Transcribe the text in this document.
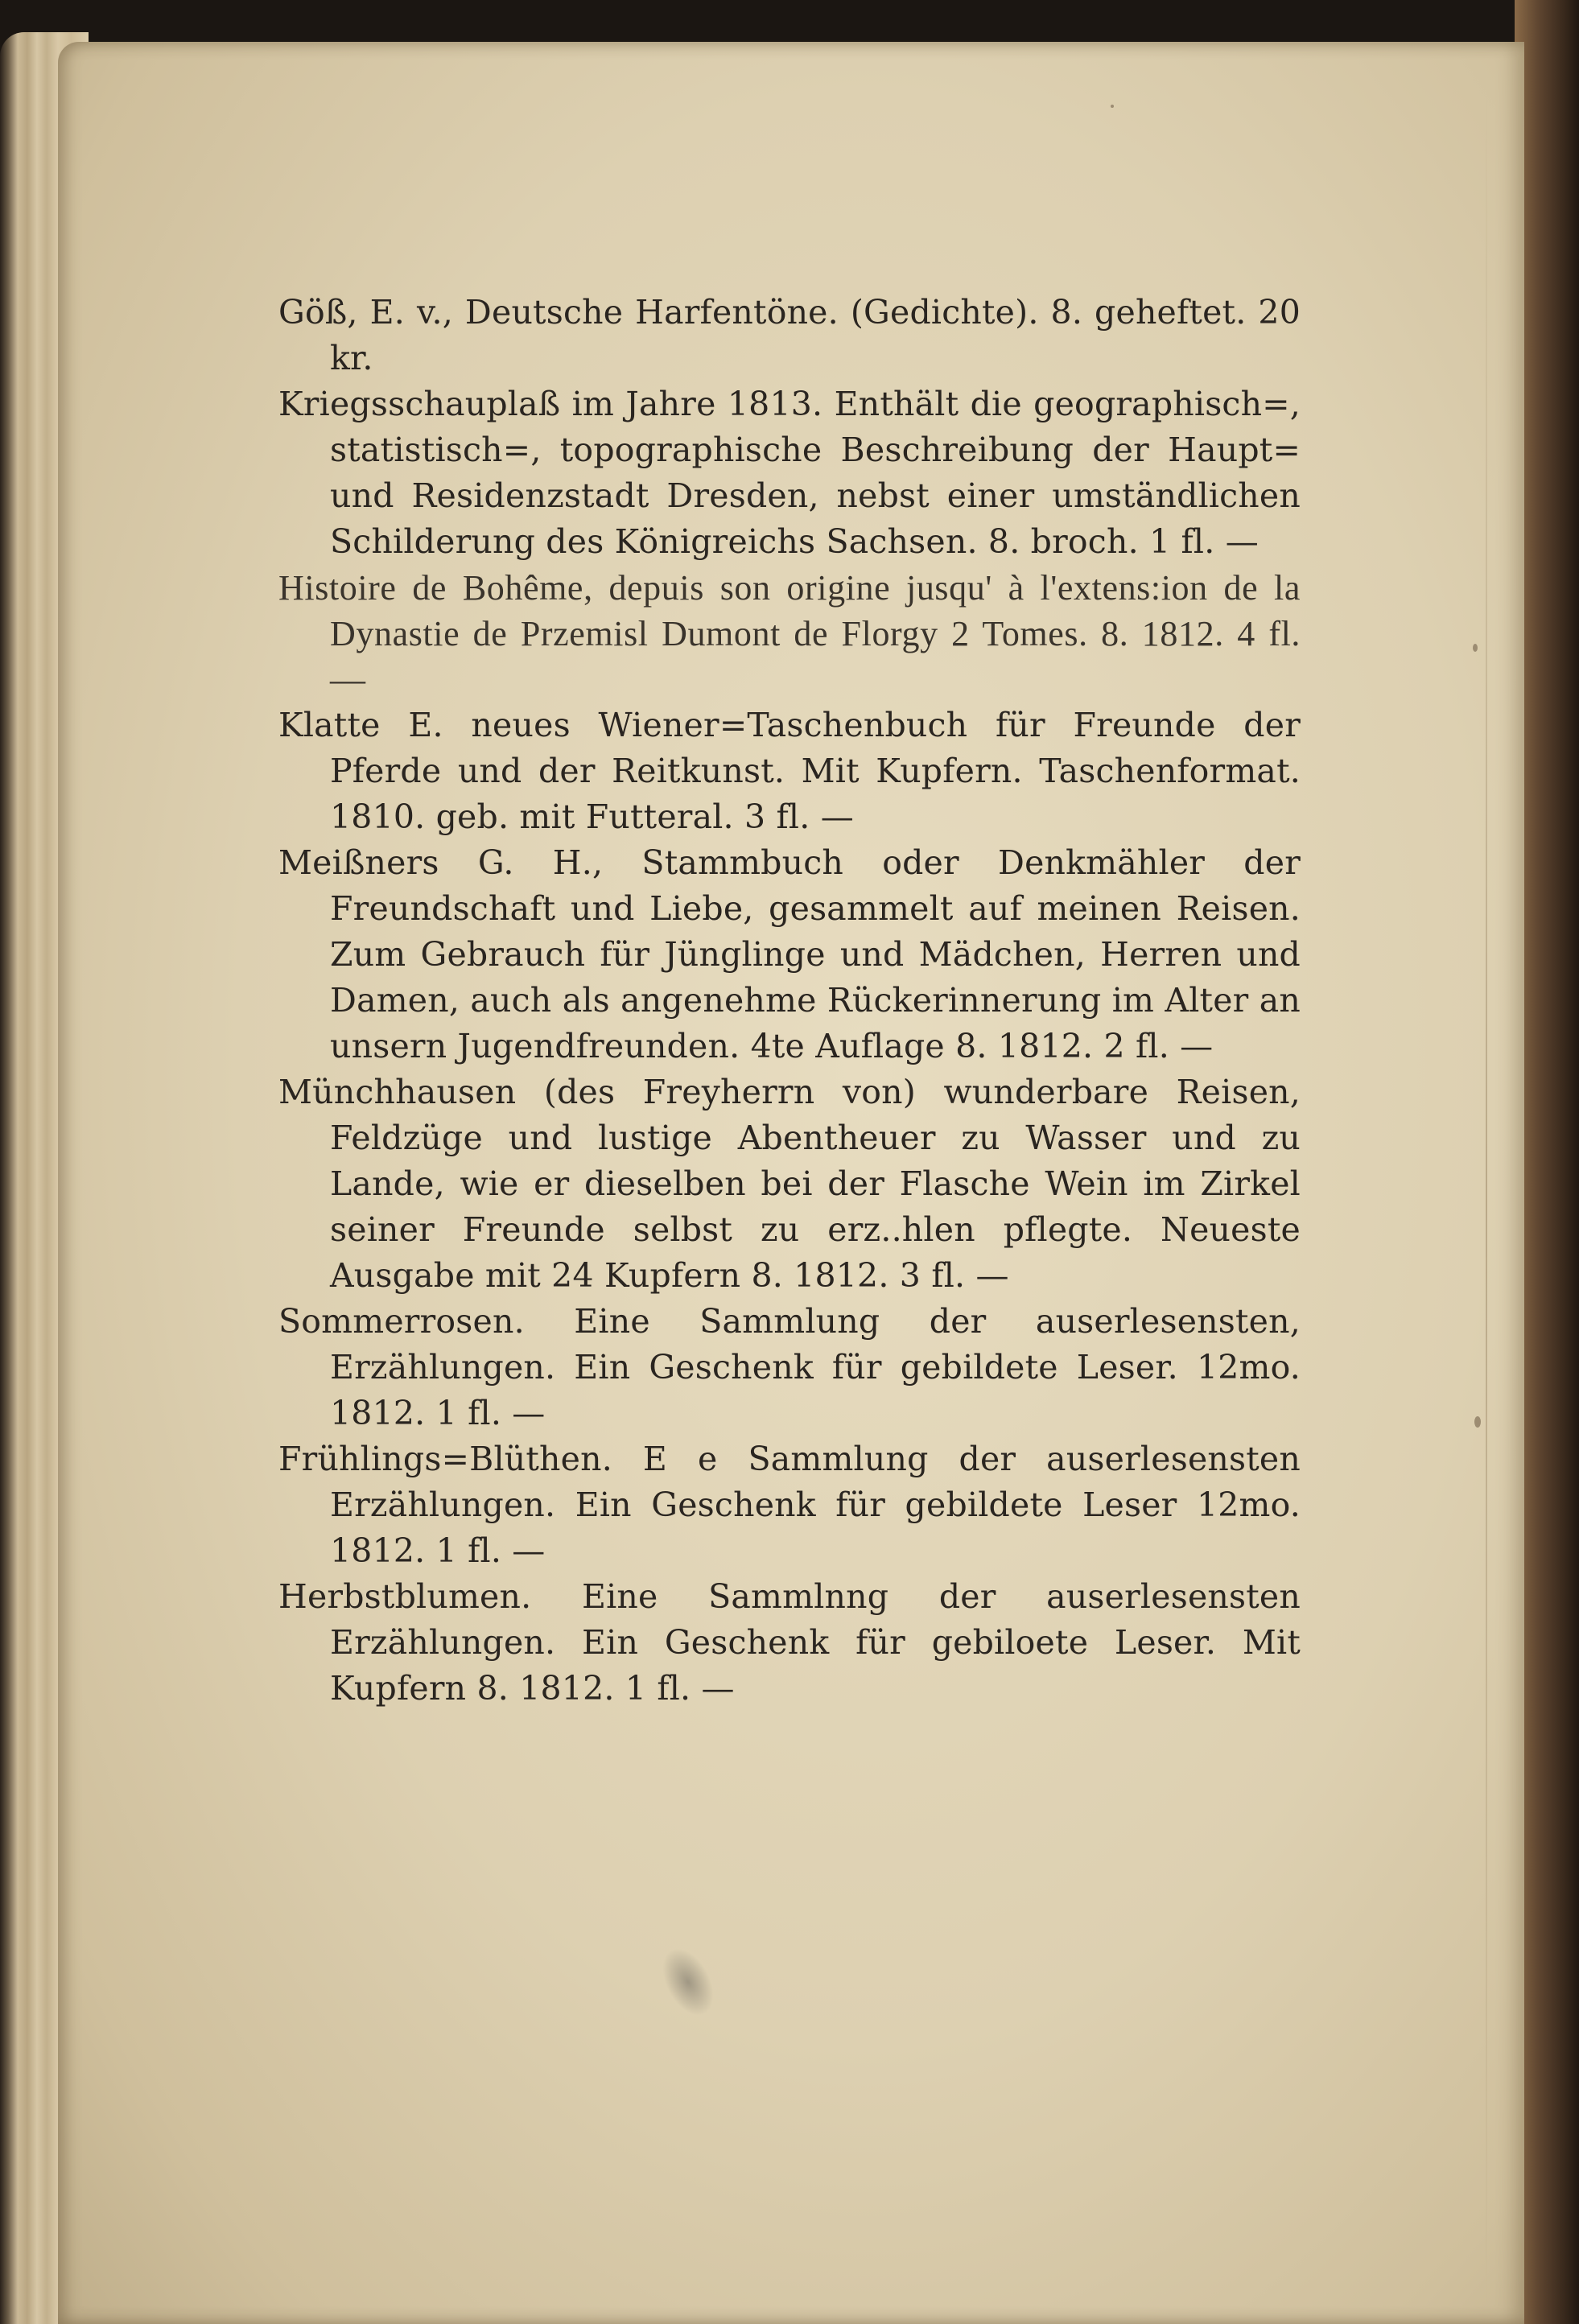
Göß, E. v., Deutsche Harfentöne. (Gedichte). 8. geheftet. 20 kr.
Kriegsschauplaß im Jahre 1813. Enthält die geographisch=, statistisch=, topographische Beschreibung der Haupt= und Residenzstadt Dresden, nebst einer umständlichen Schilderung des Königreichs Sachsen. 8. broch. 1 fl. —
Histoire de Bohême, depuis son origine jusqu' à l'extens:ion de la Dynastie de Przemisl Dumont de Florgy 2 Tomes. 8. 1812. 4 fl. —
Klatte E. neues Wiener=Taschenbuch für Freunde der Pferde und der Reitkunst. Mit Kupfern. Taschenformat. 1810. geb. mit Futteral. 3 fl. —
Meißners G. H., Stammbuch oder Denkmähler der Freundschaft und Liebe, gesammelt auf meinen Reisen. Zum Gebrauch für Jünglinge und Mädchen, Herren und Damen, auch als angenehme Rückerinnerung im Alter an unsern Jugendfreunden. 4te Auflage 8. 1812. 2 fl. —
Münchhausen (des Freyherrn von) wunderbare Reisen, Feldzüge und lustige Abentheuer zu Wasser und zu Lande, wie er dieselben bei der Flasche Wein im Zirkel seiner Freunde selbst zu erz..hlen pflegte. Neueste Ausgabe mit 24 Kupfern 8. 1812. 3 fl. —
Sommerrosen. Eine Sammlung der auserlesensten, Erzählungen. Ein Geschenk für gebildete Leser. 12mo. 1812. 1 fl. —
Frühlings=Blüthen. E e Sammlung der auserlesensten Erzählungen. Ein Geschenk für gebildete Leser 12mo. 1812. 1 fl. —
Herbstblumen. Eine Sammlnng der auserlesensten Erzählungen. Ein Geschenk für gebiloete Leser. Mit Kupfern 8. 1812. 1 fl. —
